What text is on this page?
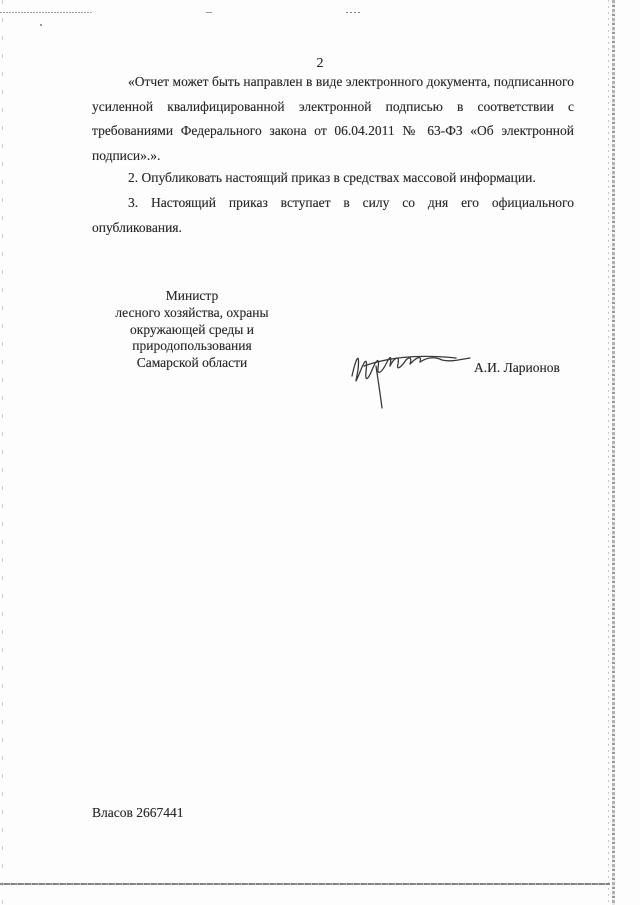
2
«Отчет может быть направлен в виде электронного документа, подписанного усиленной квалифицированной электронной подписью в соответствии с требованиями Федерального закона от 06.04.2011 № 63-ФЗ «Об электронной подписи».».
2. Опубликовать настоящий приказ в средствах массовой информации.
3. Настоящий приказ вступает в силу со дня его официального опубликования.
Министр
лесного хозяйства, охраны
окружающей среды и
природопользования
Самарской области	А.И. Ларионов
Власов 2667441
